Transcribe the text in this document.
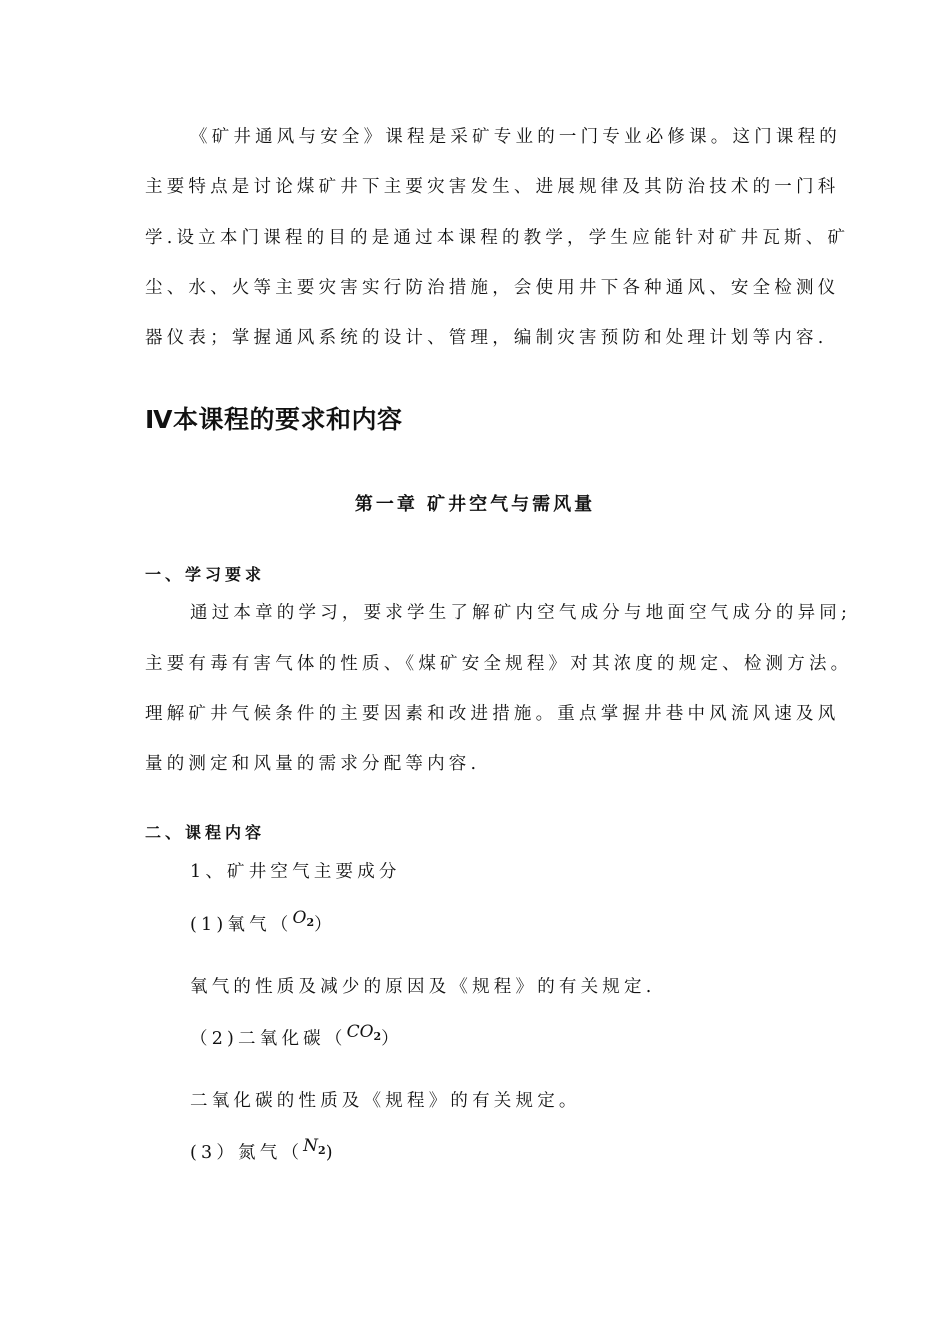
《矿井通风与安全》课程是采矿专业的一门专业必修课。这门课程的
主要特点是讨论煤矿井下主要灾害发生、进展规律及其防治技术的一门科
学.设立本门课程的目的是通过本课程的教学，学生应能针对矿井瓦斯、矿
尘、水、火等主要灾害实行防治措施，会使用井下各种通风、安全检测仪
器仪表；掌握通风系统的设计、管理，编制灾害预防和处理计划等内容.
Ⅳ本课程的要求和内容
第一章 矿井空气与需风量
一、学习要求
通过本章的学习，要求学生了解矿内空气成分与地面空气成分的异同;
主要有毒有害气体的性质、《煤矿安全规程》对其浓度的规定、检测方法。
理解矿井气候条件的主要因素和改进措施。重点掌握井巷中风流风速及风
量的测定和风量的需求分配等内容.
二、课程内容
1、矿井空气主要成分
(1)氧气$(O_2)$
氧气的性质及减少的原因及《规程》的有关规定.
（2)二氧化碳$(CO_2)$
二氧化碳的性质及《规程》的有关规定。
(3）氮气$(N_2)$
